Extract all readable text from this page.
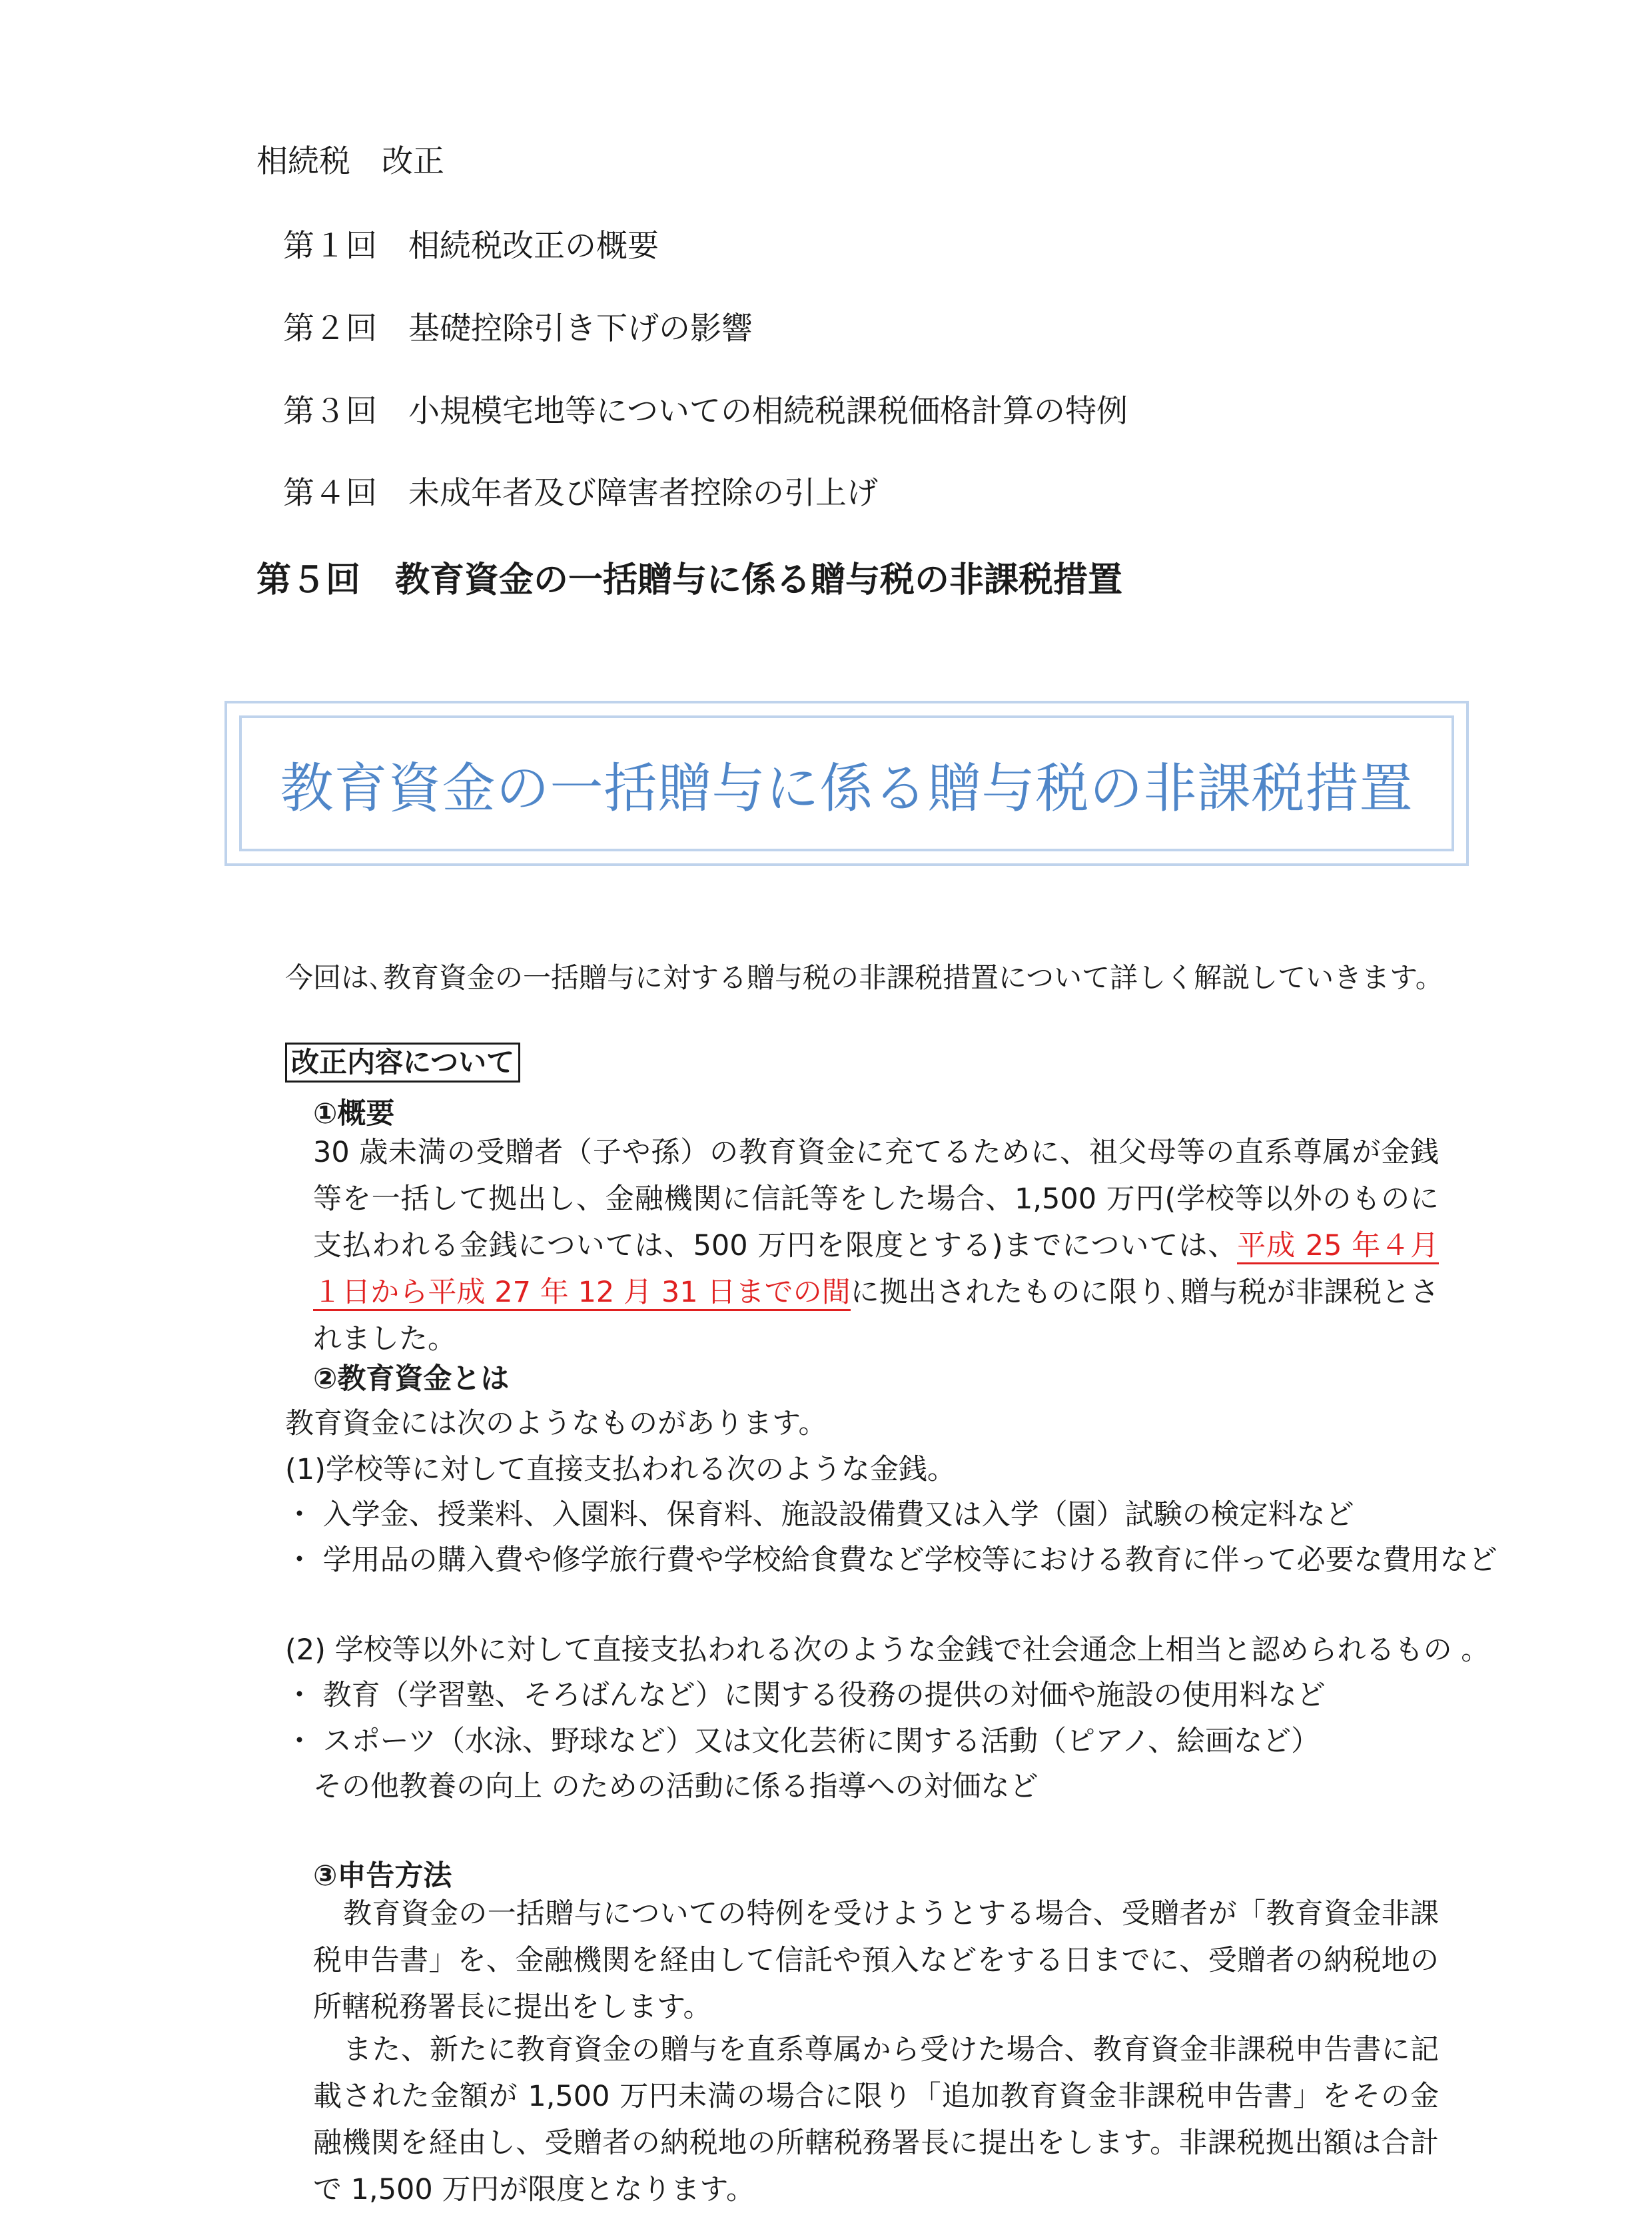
相続税　改正
第１回　相続税改正の概要
第２回　基礎控除引き下げの影響
第３回　小規模宅地等についての相続税課税価格計算の特例
第４回　未成年者及び障害者控除の引上げ
第５回　教育資金の一括贈与に係る贈与税の非課税措置
教育資金の一括贈与に係る贈与税の非課税措置
今回は､教育資金の一括贈与に対する贈与税の非課税措置について詳しく解説していきます。
改正内容について
①概要
30 歳未満の受贈者（子や孫）の教育資金に充てるために、祖父母等の直系尊属が金銭等を一括して拠出し、金融機関に信託等をした場合、1,500 万円(学校等以外のものに支払われる金銭については、500 万円を限度とする)までについては、平成 25 年４月１日から平成 27 年 12 月 31 日までの間に拠出されたものに限り､贈与税が非課税とされました。
②教育資金とは
教育資金には次のようなものがあります。
(1)学校等に対して直接支払われる次のような金銭。
・ 入学金、授業料、入園料、保育料、施設設備費又は入学（園）試験の検定料など
・ 学用品の購入費や修学旅行費や学校給食費など学校等における教育に伴って必要な費用など
(2) 学校等以外に対して直接支払われる次のような金銭で社会通念上相当と認められるもの 。
・ 教育（学習塾、そろばんなど）に関する役務の提供の対価や施設の使用料など
・ スポーツ（水泳、野球など）又は文化芸術に関する活動（ピアノ、絵画など）
その他教養の向上 のための活動に係る指導への対価など
③申告方法
教育資金の一括贈与についての特例を受けようとする場合、受贈者が「教育資金非課税申告書」を、金融機関を経由して信託や預入などをする日までに、受贈者の納税地の所轄税務署長に提出をします。
また、新たに教育資金の贈与を直系尊属から受けた場合、教育資金非課税申告書に記載された金額が 1,500 万円未満の場合に限り「追加教育資金非課税申告書」をその金融機関を経由し、受贈者の納税地の所轄税務署長に提出をします。非課税拠出額は合計で 1,500 万円が限度となります。
